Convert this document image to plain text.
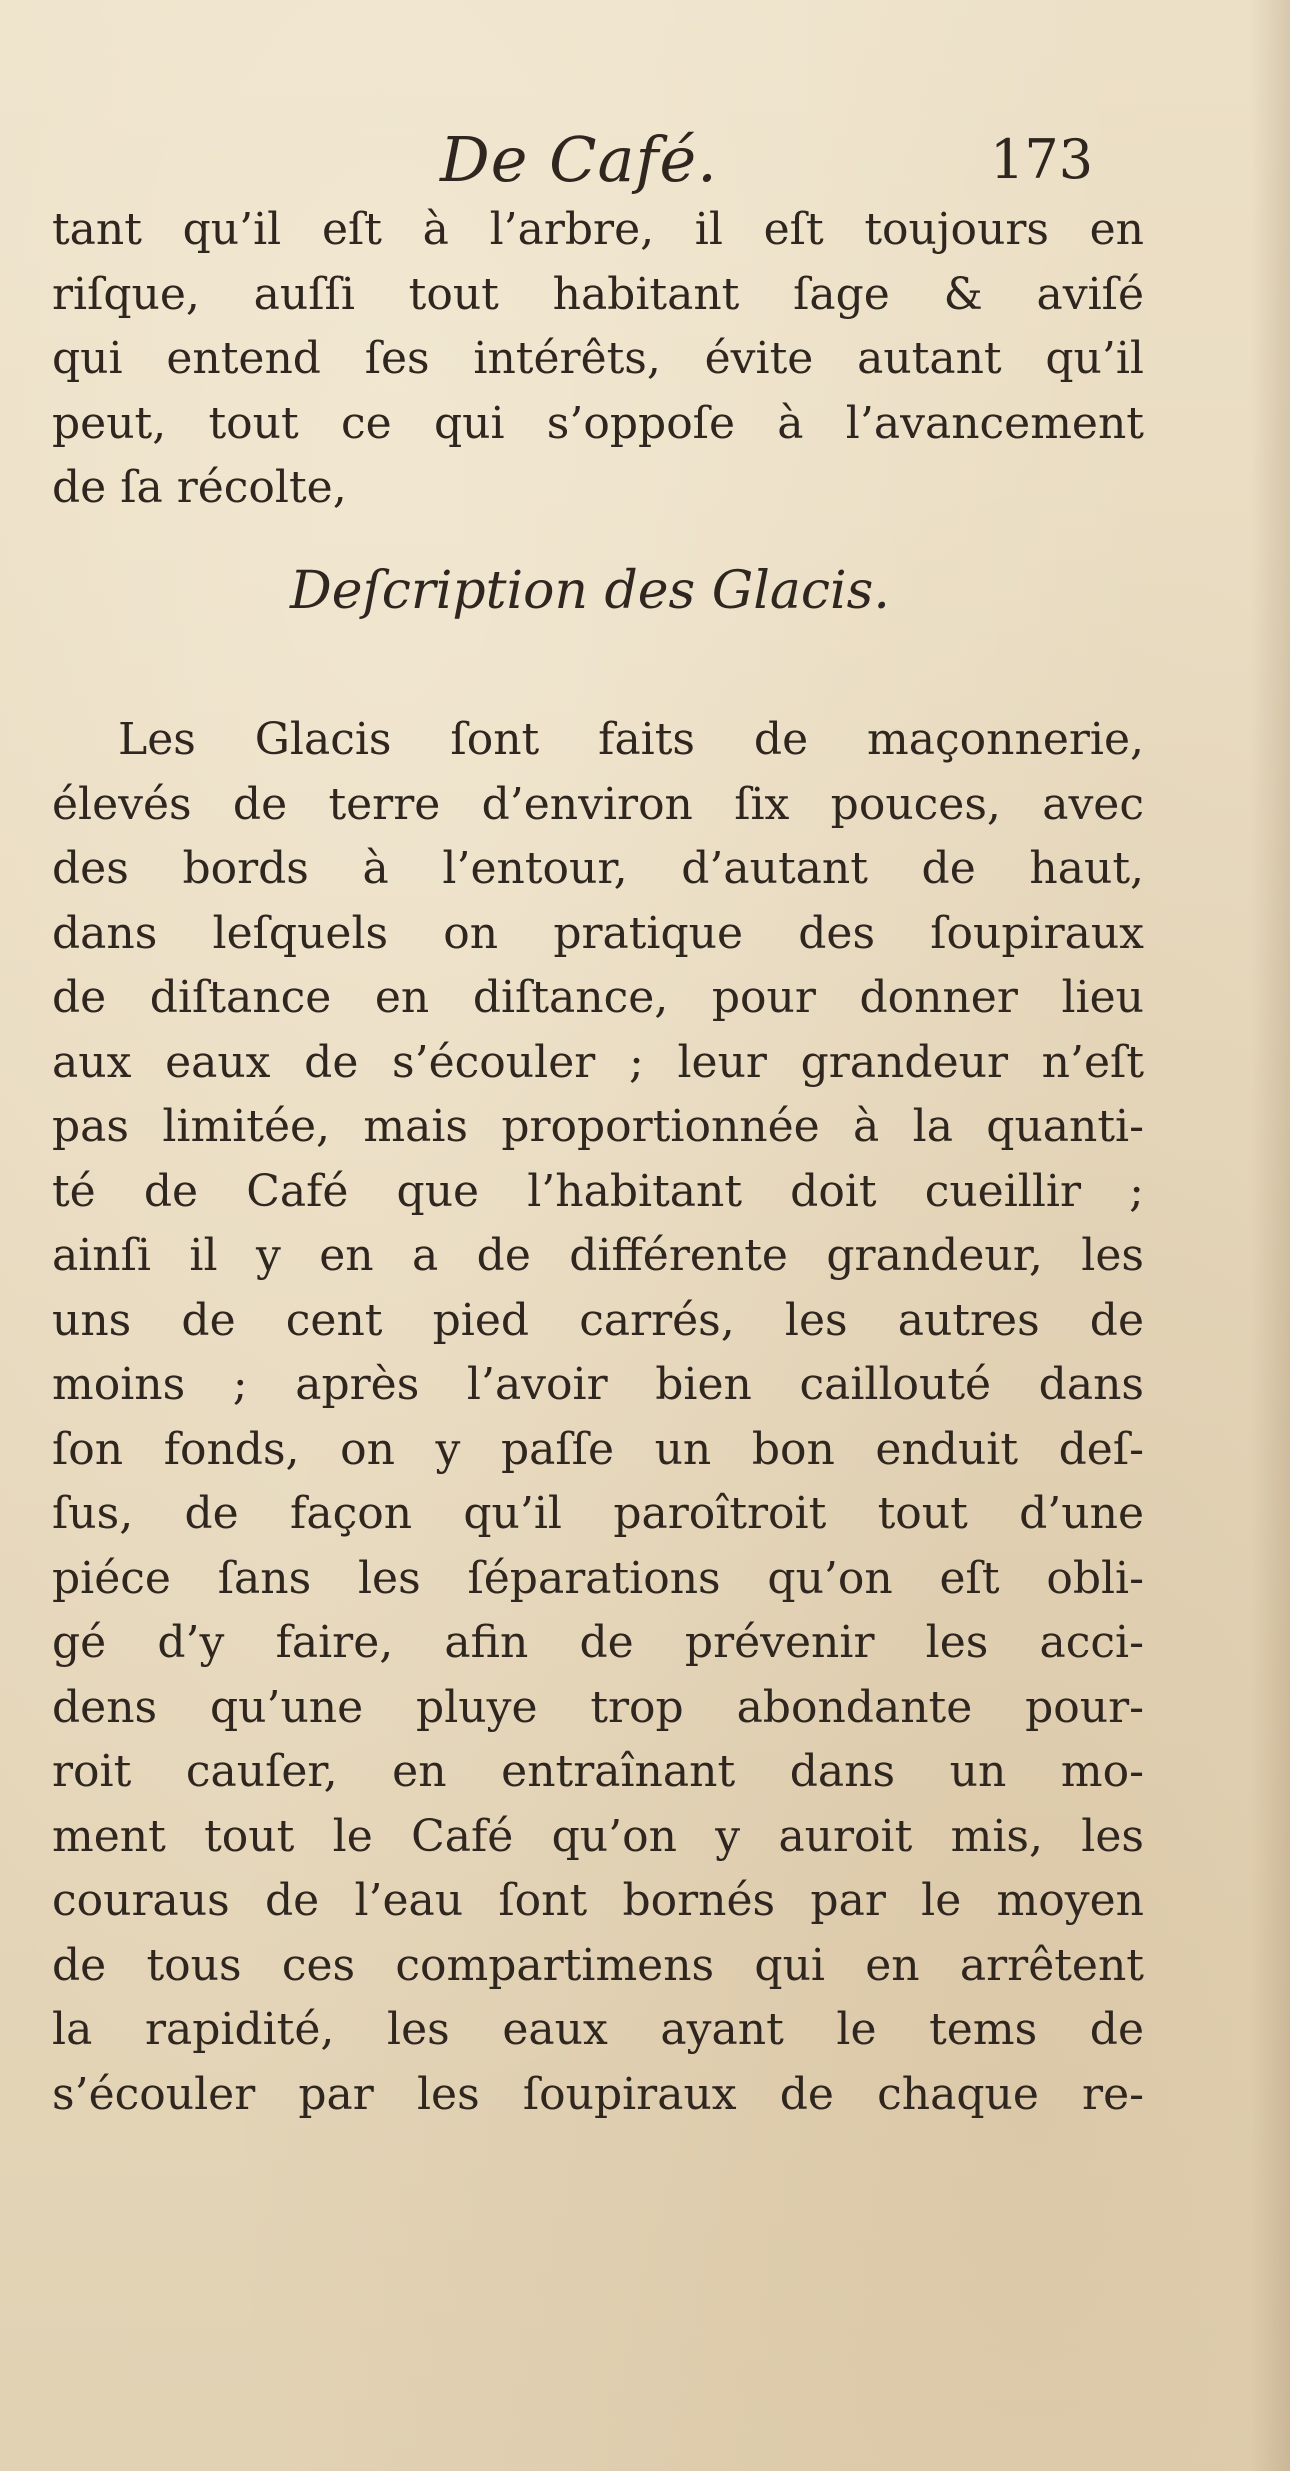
De Café.	173
tant qu’il eſt à l’arbre, il eſt toujours en
riſque, auſſi tout habitant ſage & aviſé
qui entend ſes intérêts, évite autant qu’il
peut, tout ce qui s’oppoſe à l’avancement
de ſa récolte,
Deſcription des Glacis.
Les Glacis ſont faits de maçonnerie,
élevés de terre d’environ ſix pouces, avec
des bords à l’entour, d’autant de haut,
dans leſquels on pratique des ſoupiraux
de diſtance en diſtance, pour donner lieu
aux eaux de s’écouler ; leur grandeur n’eſt
pas limitée, mais proportionnée à la quanti-
té de Café que l’habitant doit cueillir ;
ainſi il y en a de différente grandeur, les
uns de cent pied carrés, les autres de
moins ; après l’avoir bien caillouté dans
ſon fonds, on y paſſe un bon enduit deſ-
ſus, de façon qu’il paroîtroit tout d’une
piéce ſans les ſéparations qu’on eſt obli-
gé d’y faire, afin de prévenir les acci-
dens qu’une pluye trop abondante pour-
roit cauſer, en entraînant dans un mo-
ment tout le Café qu’on y auroit mis, les
couraus de l’eau ſont bornés par le moyen
de tous ces compartimens qui en arrêtent
la rapidité, les eaux ayant le tems de
s’écouler par les ſoupiraux de chaque re-
